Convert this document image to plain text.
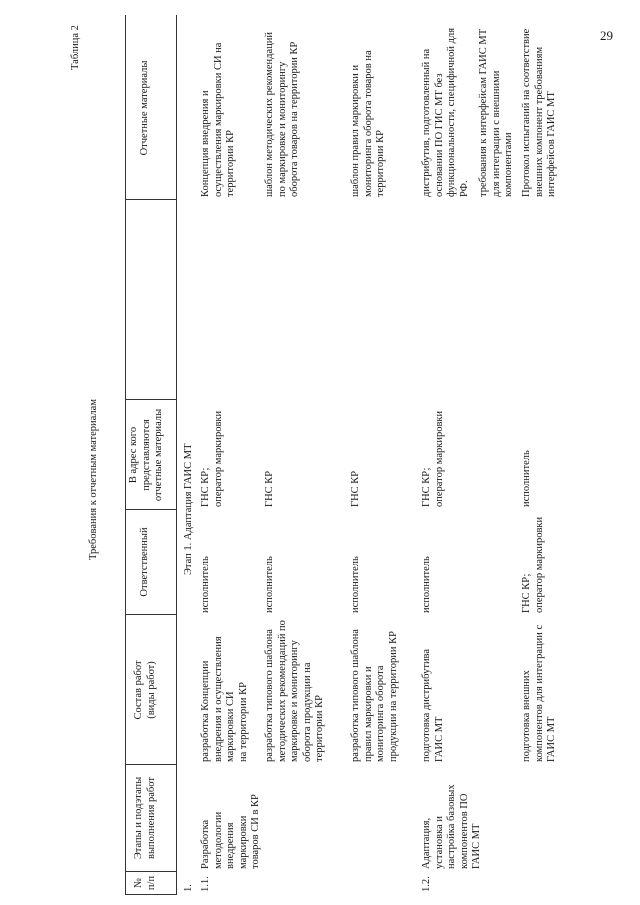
29
Таблица 2
Требования к отчетным материалам
№ п/п
Этапы и подэтапы выполнения работ
Состав работ (виды работ)
Ответственный
В адрес кого представляются отчетные материалы
Отчетные материалы
1.
Этап 1. Адаптация ГАИС МТ
1.1.
Разработка методологии внедрения маркировки товаров СИ в КР
разработка Концепции внедрения и осуществления маркировки СИ на территории КР
исполнитель
ГНС КР; оператор маркировки
Концепция внедрения и осуществления маркировки СИ на территории КР
разработка типового шаблона методических рекомендаций по маркировке и мониторингу оборота продукции на территории КР
исполнитель
ГНС КР
шаблон методических рекомендаций по маркировке и мониторингу оборота товаров на территории КР
разработка типового шаблона правил маркировки и мониторинга оборота продукции на территории КР
исполнитель
ГНС КР
шаблон правил маркировки и мониторинга оборота товаров на территории КР
1.2.
Адаптация, установка и настройка базовых компонентов ПО ГАИС МТ
подготовка дистрибутива ГАИС МТ
исполнитель
ГНС КР; оператор маркировки
дистрибутив, подготовленный на основании ПО ГИС МТ без функциональности, специфичной для РФ. требования к интерфейсам ГАИС МТ для интеграции с внешними компонентами
подготовка внешних компонентов для интеграции с ГАИС МТ
ГНС КР; оператор маркировки
исполнитель
Протокол испытаний на соответствие внешних компонент требованиям интерфейсов ГАИС МТ
